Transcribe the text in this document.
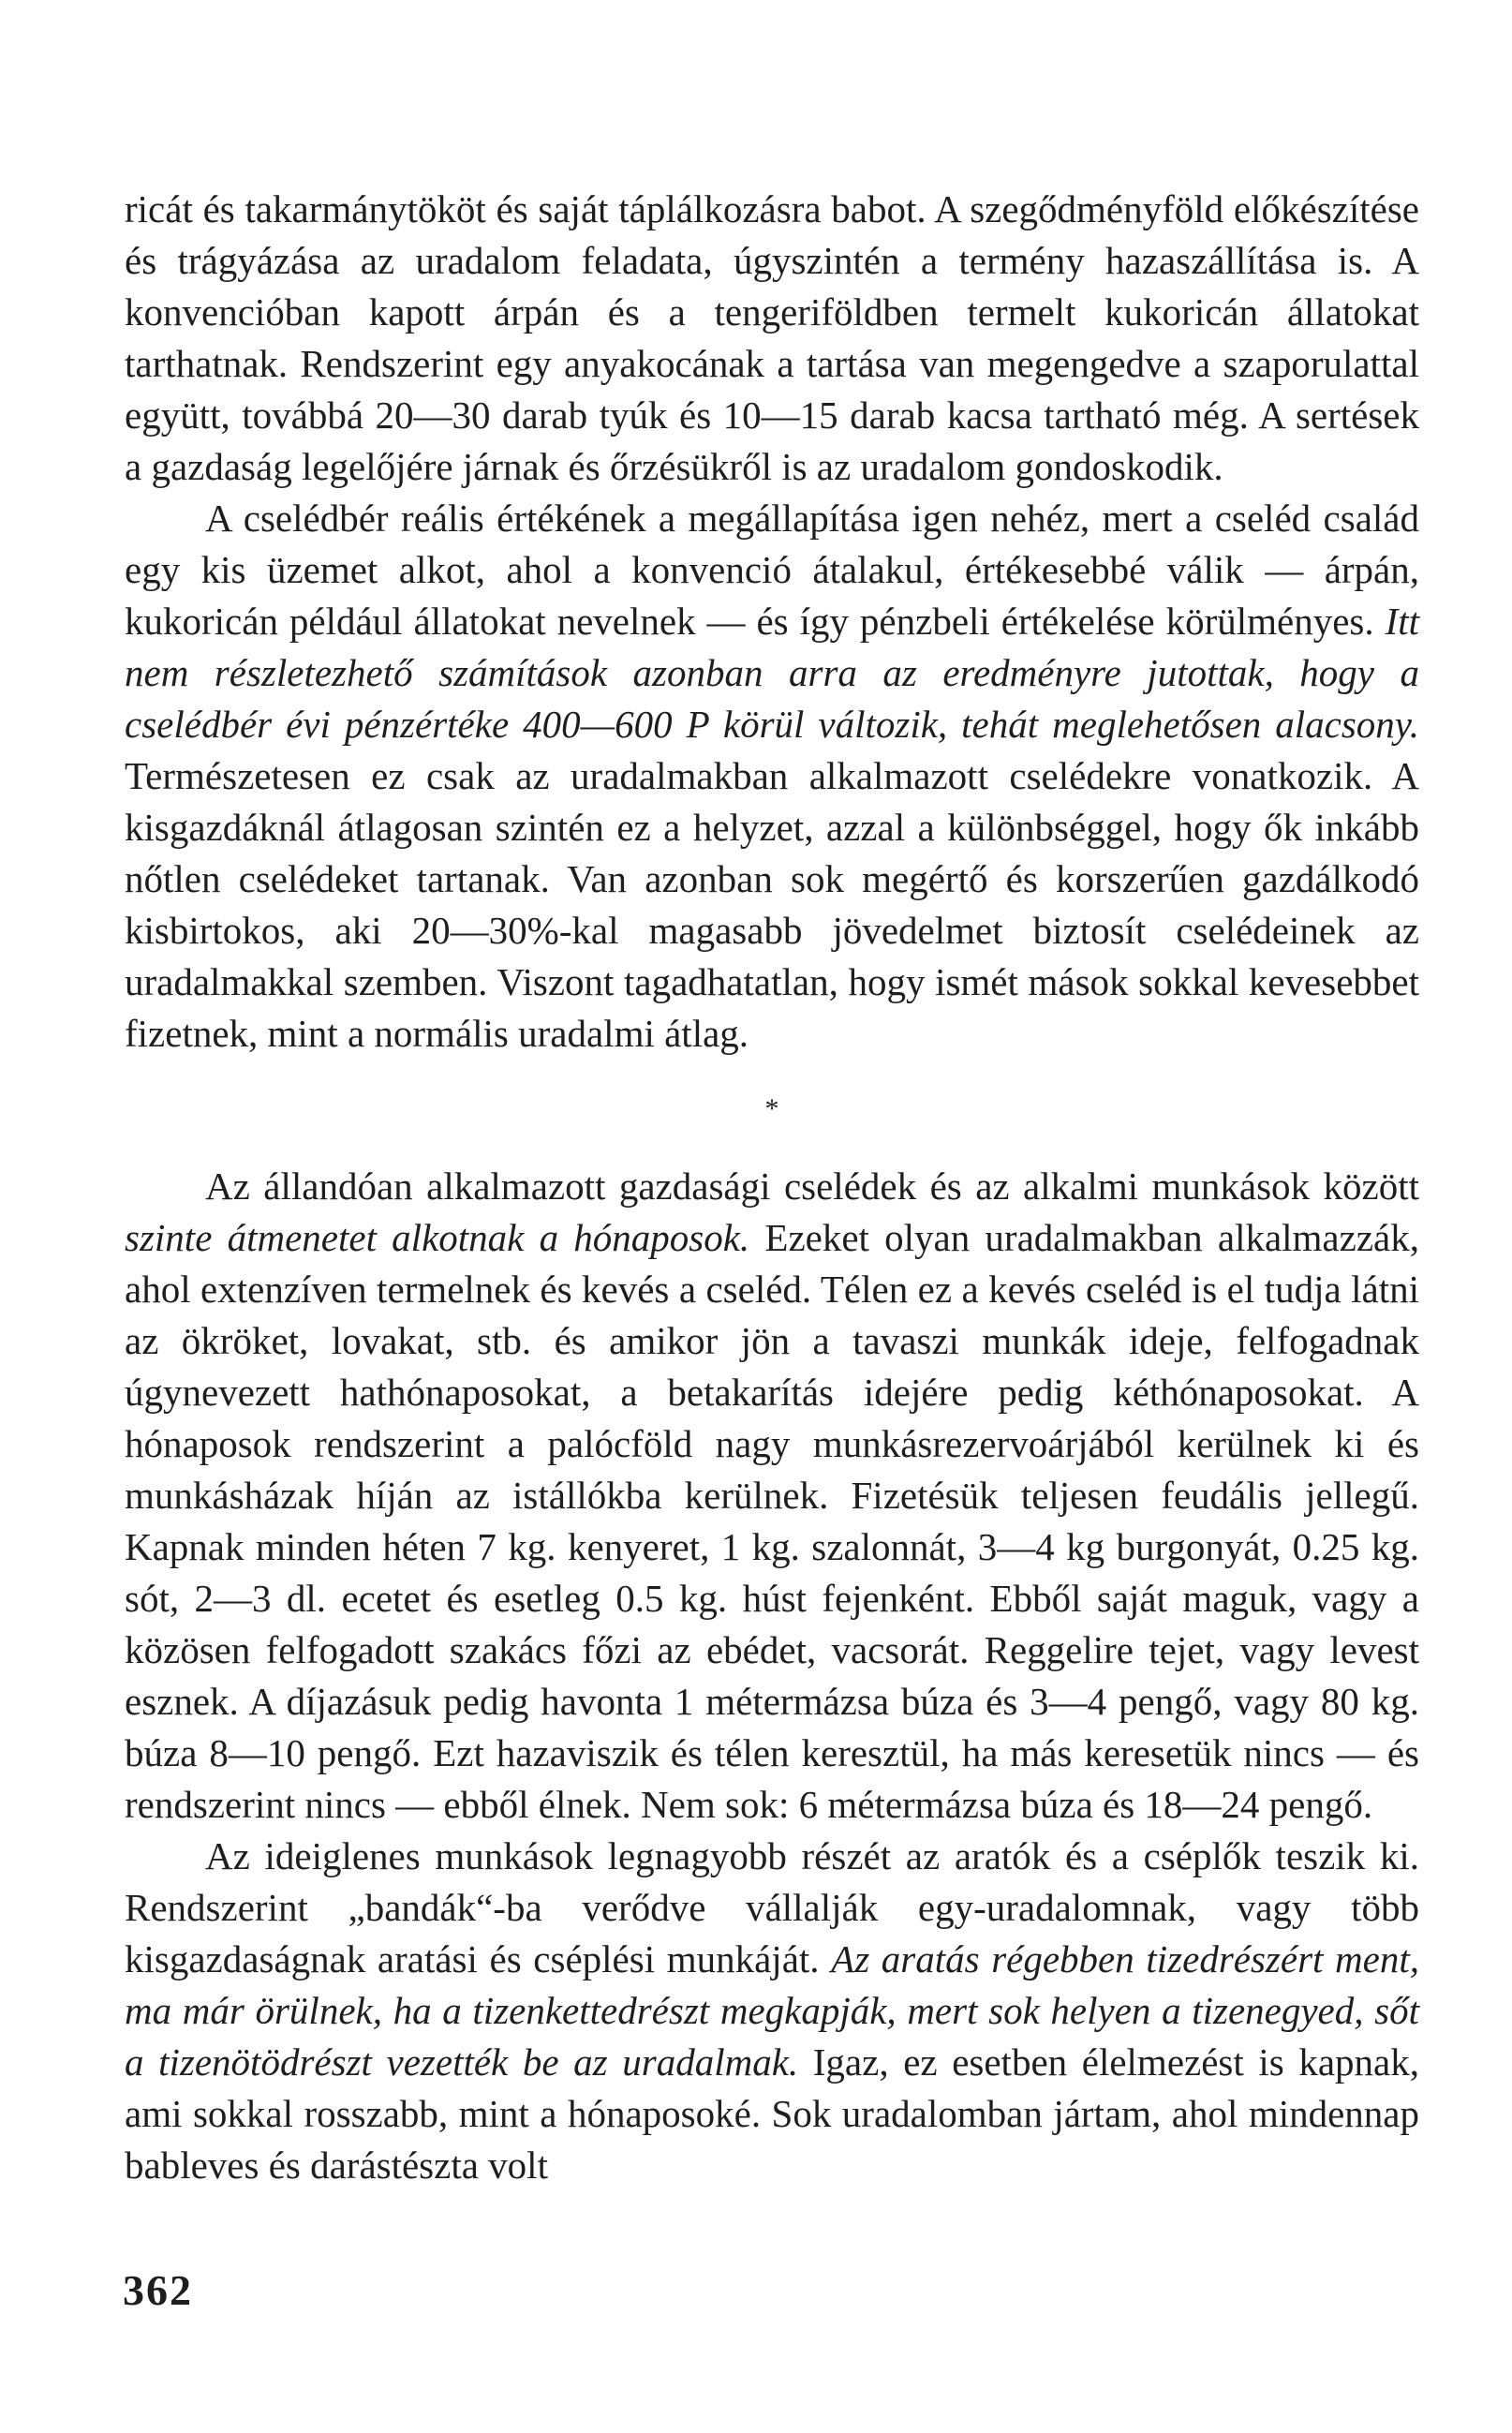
ricát és takarmánytököt és saját táplálkozásra babot. A szegődményföld előkészítése és trágyázása az uradalom feladata, úgyszintén a termény hazaszállítása is. A konvencióban kapott árpán és a tengeriföldben termelt kukoricán állatokat tarthatnak. Rendszerint egy anyakocának a tartása van megengedve a szaporulattal együtt, továbbá 20—30 darab tyúk és 10—15 darab kacsa tartható még. A sertések a gazdaság legelőjére járnak és őrzésükről is az uradalom gondoskodik.

A cselédbér reális értékének a megállapítása igen nehéz, mert a cseléd család egy kis üzemet alkot, ahol a konvenció átalakul, értékesebbé válik — árpán, kukoricán például állatokat nevelnek — és így pénzbeli értékelése körülményes. Itt nem részletezhető számítások azonban arra az eredményre jutottak, hogy a cselédbér évi pénzértéke 400—600 P körül változik, tehát meglehetősen alacsony. Természetesen ez csak az uradalmakban alkalmazott cselédekre vonatkozik. A kisgazdáknál átlagosan szintén ez a helyzet, azzal a különbséggel, hogy ők inkább nőtlen cselédeket tartanak. Van azonban sok megértő és korszerűen gazdálkodó kisbirtokos, aki 20—30%-kal magasabb jövedelmet biztosít cselédeinek az uradalmakkal szemben. Viszont tagadhatatlan, hogy ismét mások sokkal kevesebbet fizetnek, mint a normális uradalmi átlag.

*

Az állandóan alkalmazott gazdasági cselédek és az alkalmi munkások között szinte átmenetet alkotnak a hónaposok. Ezeket olyan uradalmakban alkalmazzák, ahol extenzíven termelnek és kevés a cseléd. Télen ez a kevés cseléd is el tudja látni az ökröket, lovakat, stb. és amikor jön a tavaszi munkák ideje, felfogadnak úgynevezett hathónaposokat, a betakarítás idejére pedig kéthónaposokat. A hónaposok rendszerint a palócföld nagy munkásrezervoárjából kerülnek ki és munkásházak híján az istállókba kerülnek. Fizetésük teljesen feudális jellegű. Kapnak minden héten 7 kg. kenyeret, 1 kg. szalonnát, 3—4 kg burgonyát, 0.25 kg. sót, 2—3 dl. ecetet és esetleg 0.5 kg. húst fejenként. Ebből saját maguk, vagy a közösen felfogadott szakács főzi az ebédet, vacsorát. Reggelire tejet, vagy levest esznek. A díjazásuk pedig havonta 1 métermázsa búza és 3—4 pengő, vagy 80 kg. búza 8—10 pengő. Ezt hazaviszik és télen keresztül, ha más keresetük nincs — és rendszerint nincs — ebből élnek. Nem sok: 6 métermázsa búza és 18—24 pengő.

Az ideiglenes munkások legnagyobb részét az aratók és a cséplők teszik ki. Rendszerint „bandák“-ba verődve vállalják egy-uradalomnak, vagy több kisgazdaságnak aratási és cséplési munkáját. Az aratás régebben tizedrészért ment, ma már örülnek, ha a tizenkettedrészt megkapják, mert sok helyen a tizenegyed, sőt a tizenötödrészt vezették be az uradalmak. Igaz, ez esetben élelmezést is kapnak, ami sokkal rosszabb, mint a hónaposoké. Sok uradalomban jártam, ahol mindennap bableves és darástészta volt

362
